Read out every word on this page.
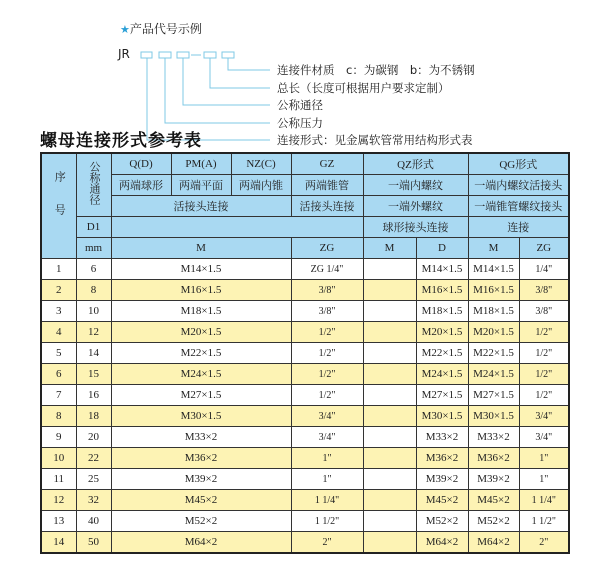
★产品代号示例
JR
连接件材质　c：为碳钢　b：为不锈钢
总长（长度可根据用户要求定制）
公称通径
公称压力
连接形式：见金属软管常用结构形式表
螺母连接形式参考表
序号	公称通径	Q(D)	PM(A)	NZ(C)	GZ	QZ形式		QG形式	
		两端球形	两端平面	两端内锥	两端锥管	一端内螺纹		一端内螺纹活接头	
		活接头连接			活接头连接	一端外螺纹		一端锥管螺纹接头	
	D1					球形接头连接		连接	
	mm	M			ZG	M	D	M	ZG
1	6	M14×1.5			ZG 1/4"		M14×1.5	M14×1.5	1/4"
2	8	M16×1.5			3/8"		M16×1.5	M16×1.5	3/8"
3	10	M18×1.5			3/8"		M18×1.5	M18×1.5	3/8"
4	12	M20×1.5			1/2"		M20×1.5	M20×1.5	1/2"
5	14	M22×1.5			1/2"		M22×1.5	M22×1.5	1/2"
6	15	M24×1.5			1/2"		M24×1.5	M24×1.5	1/2"
7	16	M27×1.5			1/2"		M27×1.5	M27×1.5	1/2"
8	18	M30×1.5			3/4"		M30×1.5	M30×1.5	3/4"
9	20	M33×2			3/4"		M33×2	M33×2	3/4"
10	22	M36×2			1"		M36×2	M36×2	1"
11	25	M39×2			1"		M39×2	M39×2	1"
12	32	M45×2			1 1/4"		M45×2	M45×2	1 1/4"
13	40	M52×2			1 1/2"		M52×2	M52×2	1 1/2"
14	50	M64×2			2"		M64×2	M64×2	2"
